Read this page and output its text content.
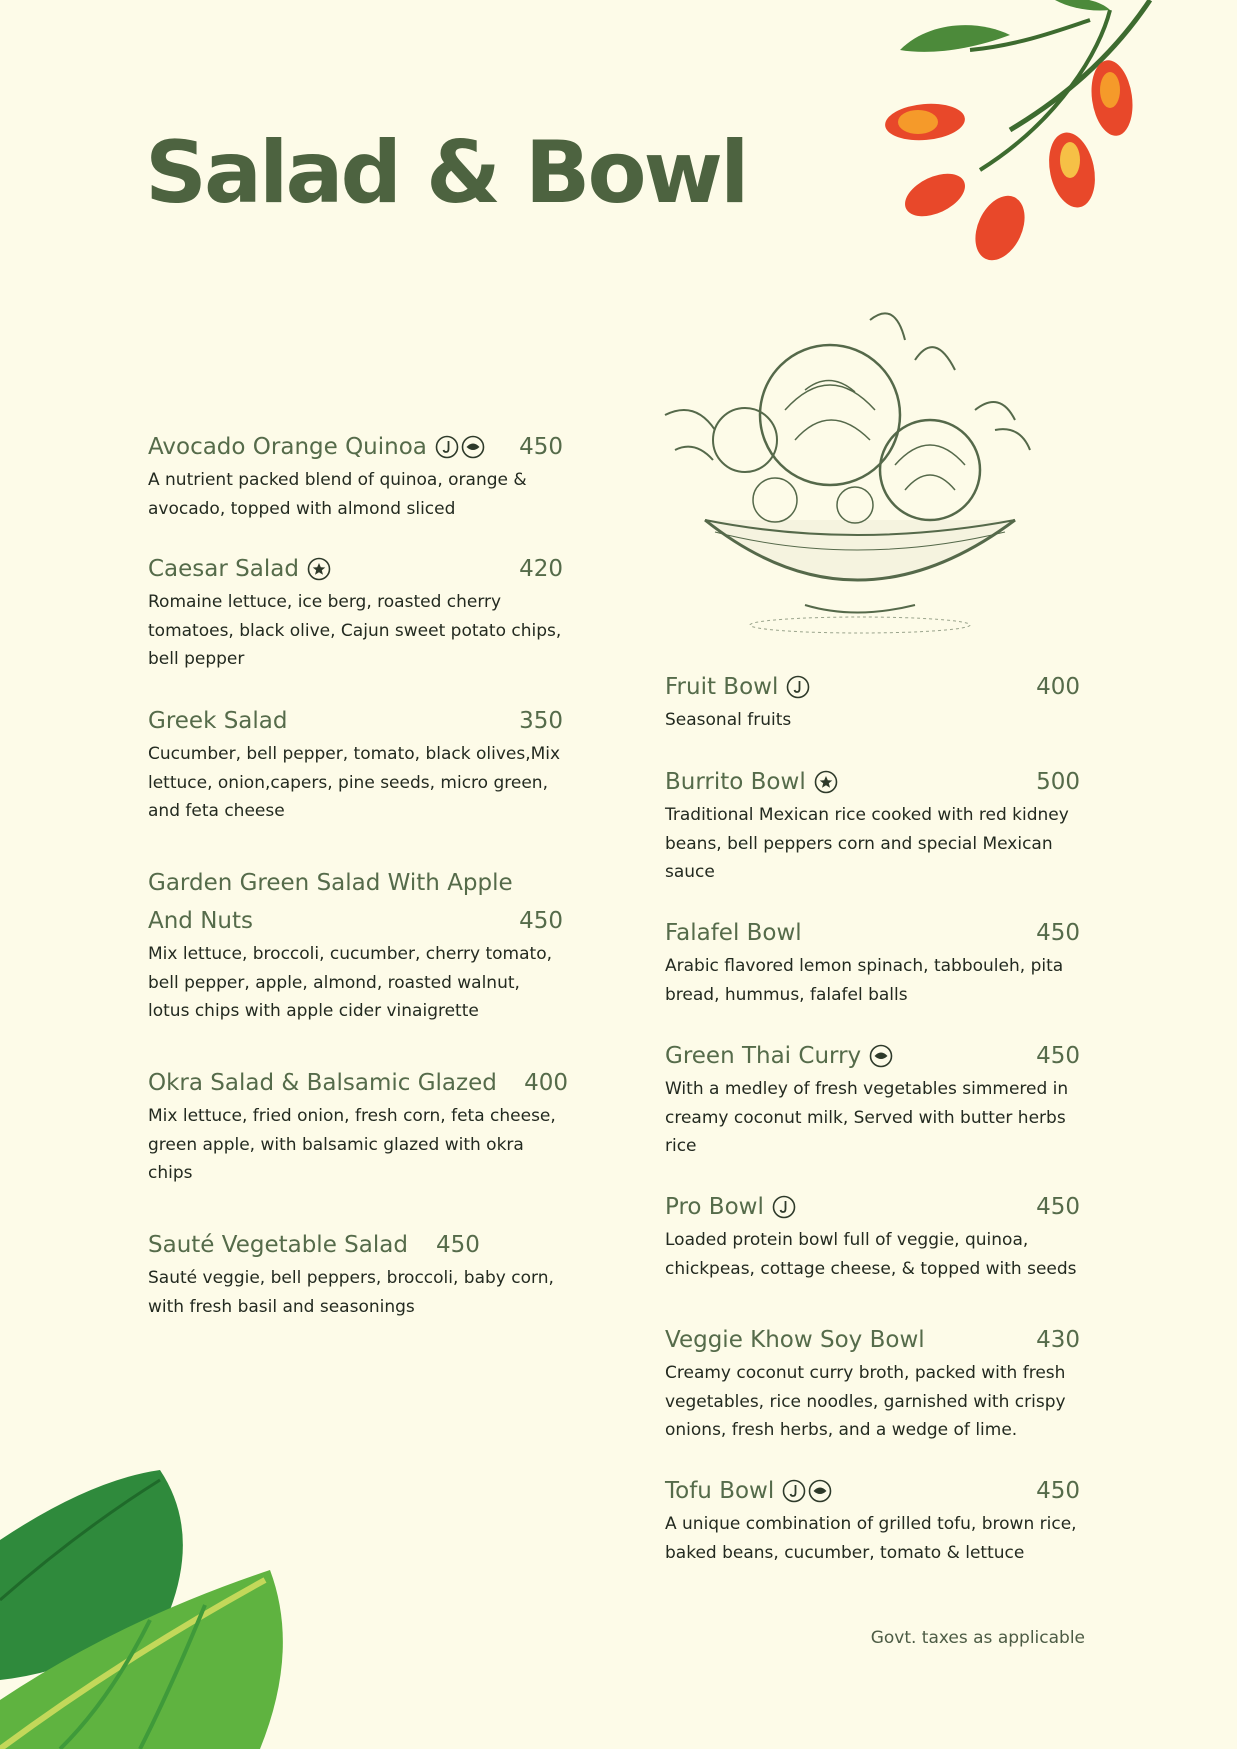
Salad & Bowl
Avocado Orange Quinoa	450

A nutrient packed blend of quinoa, orange & avocado, topped with almond sliced

Caesar Salad	420

Romaine lettuce, ice berg, roasted cherry tomatoes, black olive, Cajun sweet potato chips, bell pepper

Greek Salad	350

Cucumber, bell pepper, tomato, black olives,Mix lettuce, onion,capers, pine seeds, micro green, and feta cheese

Garden Green Salad With Apple
And Nuts	450

Mix lettuce, broccoli, cucumber, cherry tomato, bell pepper, apple, almond, roasted walnut, lotus chips with apple cider vinaigrette

Okra Salad & Balsamic Glazed 400

Mix lettuce, fried onion, fresh corn, feta cheese, green apple, with balsamic glazed with okra chips

Sauté Vegetable Salad 450

Sauté veggie, bell peppers, broccoli, baby corn, with fresh basil and seasonings

Fruit Bowl	400

Seasonal fruits

Burrito Bowl	500

Traditional Mexican rice cooked with red kidney beans, bell peppers corn and special Mexican sauce

Falafel Bowl	450

Arabic flavored lemon spinach, tabbouleh, pita bread, hummus, falafel balls

Green Thai Curry	450

With a medley of fresh vegetables simmered in creamy coconut milk, Served with butter herbs rice

Pro Bowl	450

Loaded protein bowl full of veggie, quinoa, chickpeas, cottage cheese, & topped with seeds

Veggie Khow Soy Bowl	430

Creamy coconut curry broth, packed with fresh vegetables, rice noodles, garnished with crispy onions, fresh herbs, and a wedge of lime.

Tofu Bowl	450

A unique combination of grilled tofu, brown rice, baked beans, cucumber, tomato & lettuce

Govt. taxes as applicable
